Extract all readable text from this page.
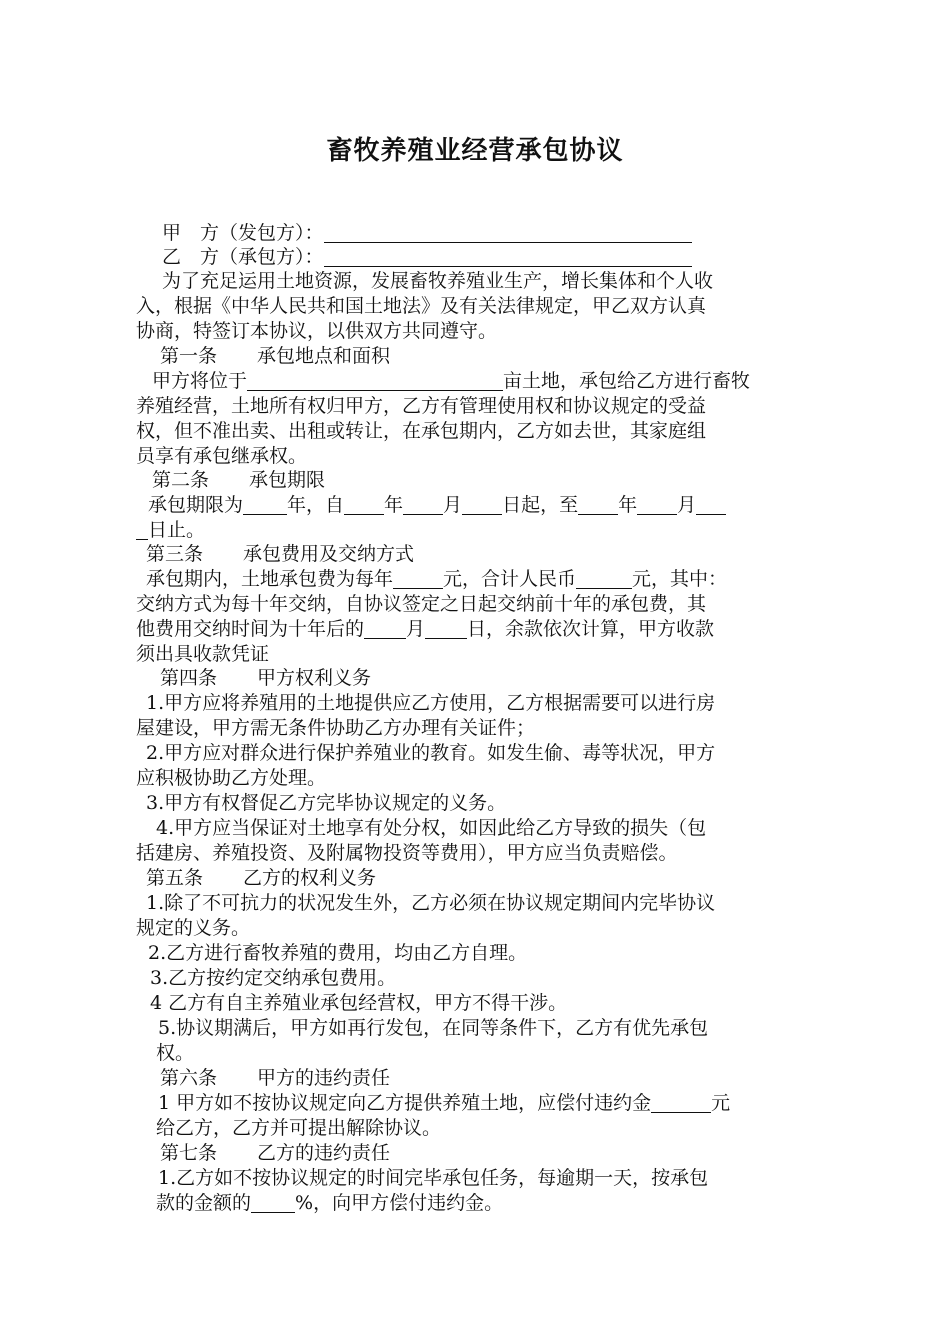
畜牧养殖业经营承包协议
甲　方（发包方）：
乙　方（承包方）：
为了充足运用土地资源，发展畜牧养殖业生产，增长集体和个人收
入，根据《中华人民共和国土地法》及有关法律规定，甲乙双方认真
协商，特签订本协议，以供双方共同遵守。
第一条 承包地点和面积
甲方将位于	亩土地，承包给乙方进行畜牧
养殖经营，土地所有权归甲方，乙方有管理使用权和协议规定的受益
权，但不准出卖、出租或转让，在承包期内，乙方如去世，其家庭组
员享有承包继承权。
第二条 承包期限
承包期限为 年，自 年 月 日起，至 年 月
日止。
第三条 承包费用及交纳方式
承包期内，土地承包费为每年	元，合计人民币	元，其中：
交纳方式为每十年交纳，自协议签定之日起交纳前十年的承包费，其
他费用交纳时间为十年后的 月 日，余款依次计算，甲方收款
须出具收款凭证
第四条 甲方权利义务
1.甲方应将养殖用的土地提供应乙方使用，乙方根据需要可以进行房
屋建设，甲方需无条件协助乙方办理有关证件；
2.甲方应对群众进行保护养殖业的教育。如发生偷、毒等状况，甲方
应积极协助乙方处理。
3.甲方有权督促乙方完毕协议规定的义务。
4.甲方应当保证对土地享有处分权，如因此给乙方导致的损失（包
括建房、养殖投资、及附属物投资等费用），甲方应当负责赔偿。
第五条 乙方的权利义务
1.除了不可抗力的状况发生外，乙方必须在协议规定期间内完毕协议
规定的义务。
2.乙方进行畜牧养殖的费用，均由乙方自理。
3.乙方按约定交纳承包费用。
4 乙方有自主养殖业承包经营权，甲方不得干涉。
5.协议期满后，甲方如再行发包，在同等条件下，乙方有优先承包
权。
第六条 甲方的违约责任
1 甲方如不按协议规定向乙方提供养殖土地，应偿付违约金	元
给乙方，乙方并可提出解除协议。
第七条 乙方的违约责任
1.乙方如不按协议规定的时间完毕承包任务，每逾期一天，按承包
款的金额的 %，向甲方偿付违约金。
